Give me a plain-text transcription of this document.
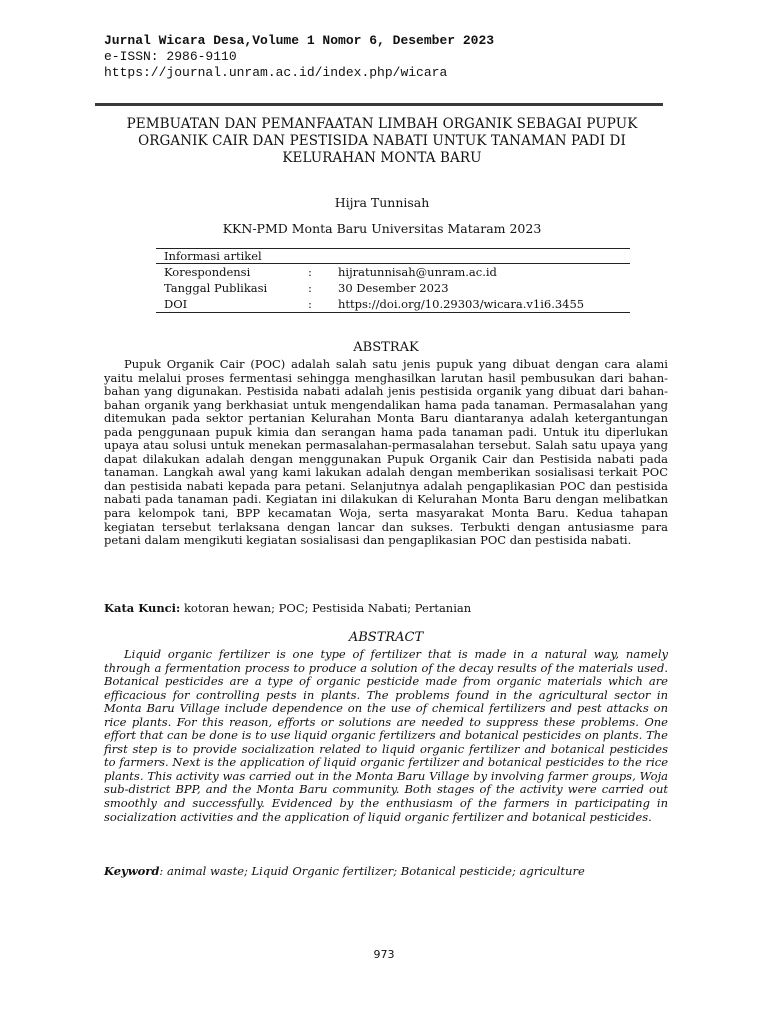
Jurnal Wicara Desa,Volume 1 Nomor 6, Desember 2023
e-ISSN: 2986-9110
https://journal.unram.ac.id/index.php/wicara
PEMBUATAN DAN PEMANFAATAN LIMBAH ORGANIK SEBAGAI PUPUK ORGANIK CAIR DAN PESTISIDA NABATI UNTUK TANAMAN PADI DI KELURAHAN MONTA BARU
Hijra Tunnisah
KKN-PMD Monta Baru Universitas Mataram 2023
Informasi artikel
Korespondensi	:	hijratunnisah@unram.ac.id
Tanggal Publikasi	:	30 Desember 2023
DOI	:	https://doi.org/10.29303/wicara.v1i6.3455
ABSTRAK
Pupuk Organik Cair (POC) adalah salah satu jenis pupuk yang dibuat dengan cara alami yaitu melalui proses fermentasi sehingga menghasilkan larutan hasil pembusukan dari bahan-bahan yang digunakan. Pestisida nabati adalah jenis pestisida organik yang dibuat dari bahan-bahan organik yang berkhasiat untuk mengendalikan hama pada tanaman. Permasalahan yang ditemukan pada sektor pertanian Kelurahan Monta Baru diantaranya adalah ketergantungan pada penggunaan pupuk kimia dan serangan hama pada tanaman padi. Untuk itu diperlukan upaya atau solusi untuk menekan permasalahan-permasalahan tersebut. Salah satu upaya yang dapat dilakukan adalah dengan menggunakan Pupuk Organik Cair dan Pestisida nabati pada tanaman. Langkah awal yang kami lakukan adalah dengan memberikan sosialisasi terkait POC dan pestisida nabati kepada para petani. Selanjutnya adalah pengaplikasian POC dan pestisida nabati pada tanaman padi. Kegiatan ini dilakukan di Kelurahan Monta Baru dengan melibatkan para kelompok tani, BPP kecamatan Woja, serta masyarakat Monta Baru. Kedua tahapan kegiatan tersebut terlaksana dengan lancar dan sukses. Terbukti dengan antusiasme para petani dalam mengikuti kegiatan sosialisasi dan pengaplikasian POC dan pestisida nabati.
Kata Kunci: kotoran hewan; POC; Pestisida Nabati; Pertanian
ABSTRACT
Liquid organic fertilizer is one type of fertilizer that is made in a natural way, namely through a fermentation process to produce a solution of the decay results of the materials used. Botanical pesticides are a type of organic pesticide made from organic materials which are efficacious for controlling pests in plants. The problems found in the agricultural sector in Monta Baru Village include dependence on the use of chemical fertilizers and pest attacks on rice plants. For this reason, efforts or solutions are needed to suppress these problems. One effort that can be done is to use liquid organic fertilizers and botanical pesticides on plants. The first step is to provide socialization related to liquid organic fertilizer and botanical pesticides to farmers. Next is the application of liquid organic fertilizer and botanical pesticides to the rice plants. This activity was carried out in the Monta Baru Village by involving farmer groups, Woja sub-district BPP, and the Monta Baru community. Both stages of the activity were carried out smoothly and successfully. Evidenced by the enthusiasm of the farmers in participating in socialization activities and the application of liquid organic fertilizer and botanical pesticides.
Keyword: animal waste; Liquid Organic fertilizer; Botanical pesticide; agriculture
973
